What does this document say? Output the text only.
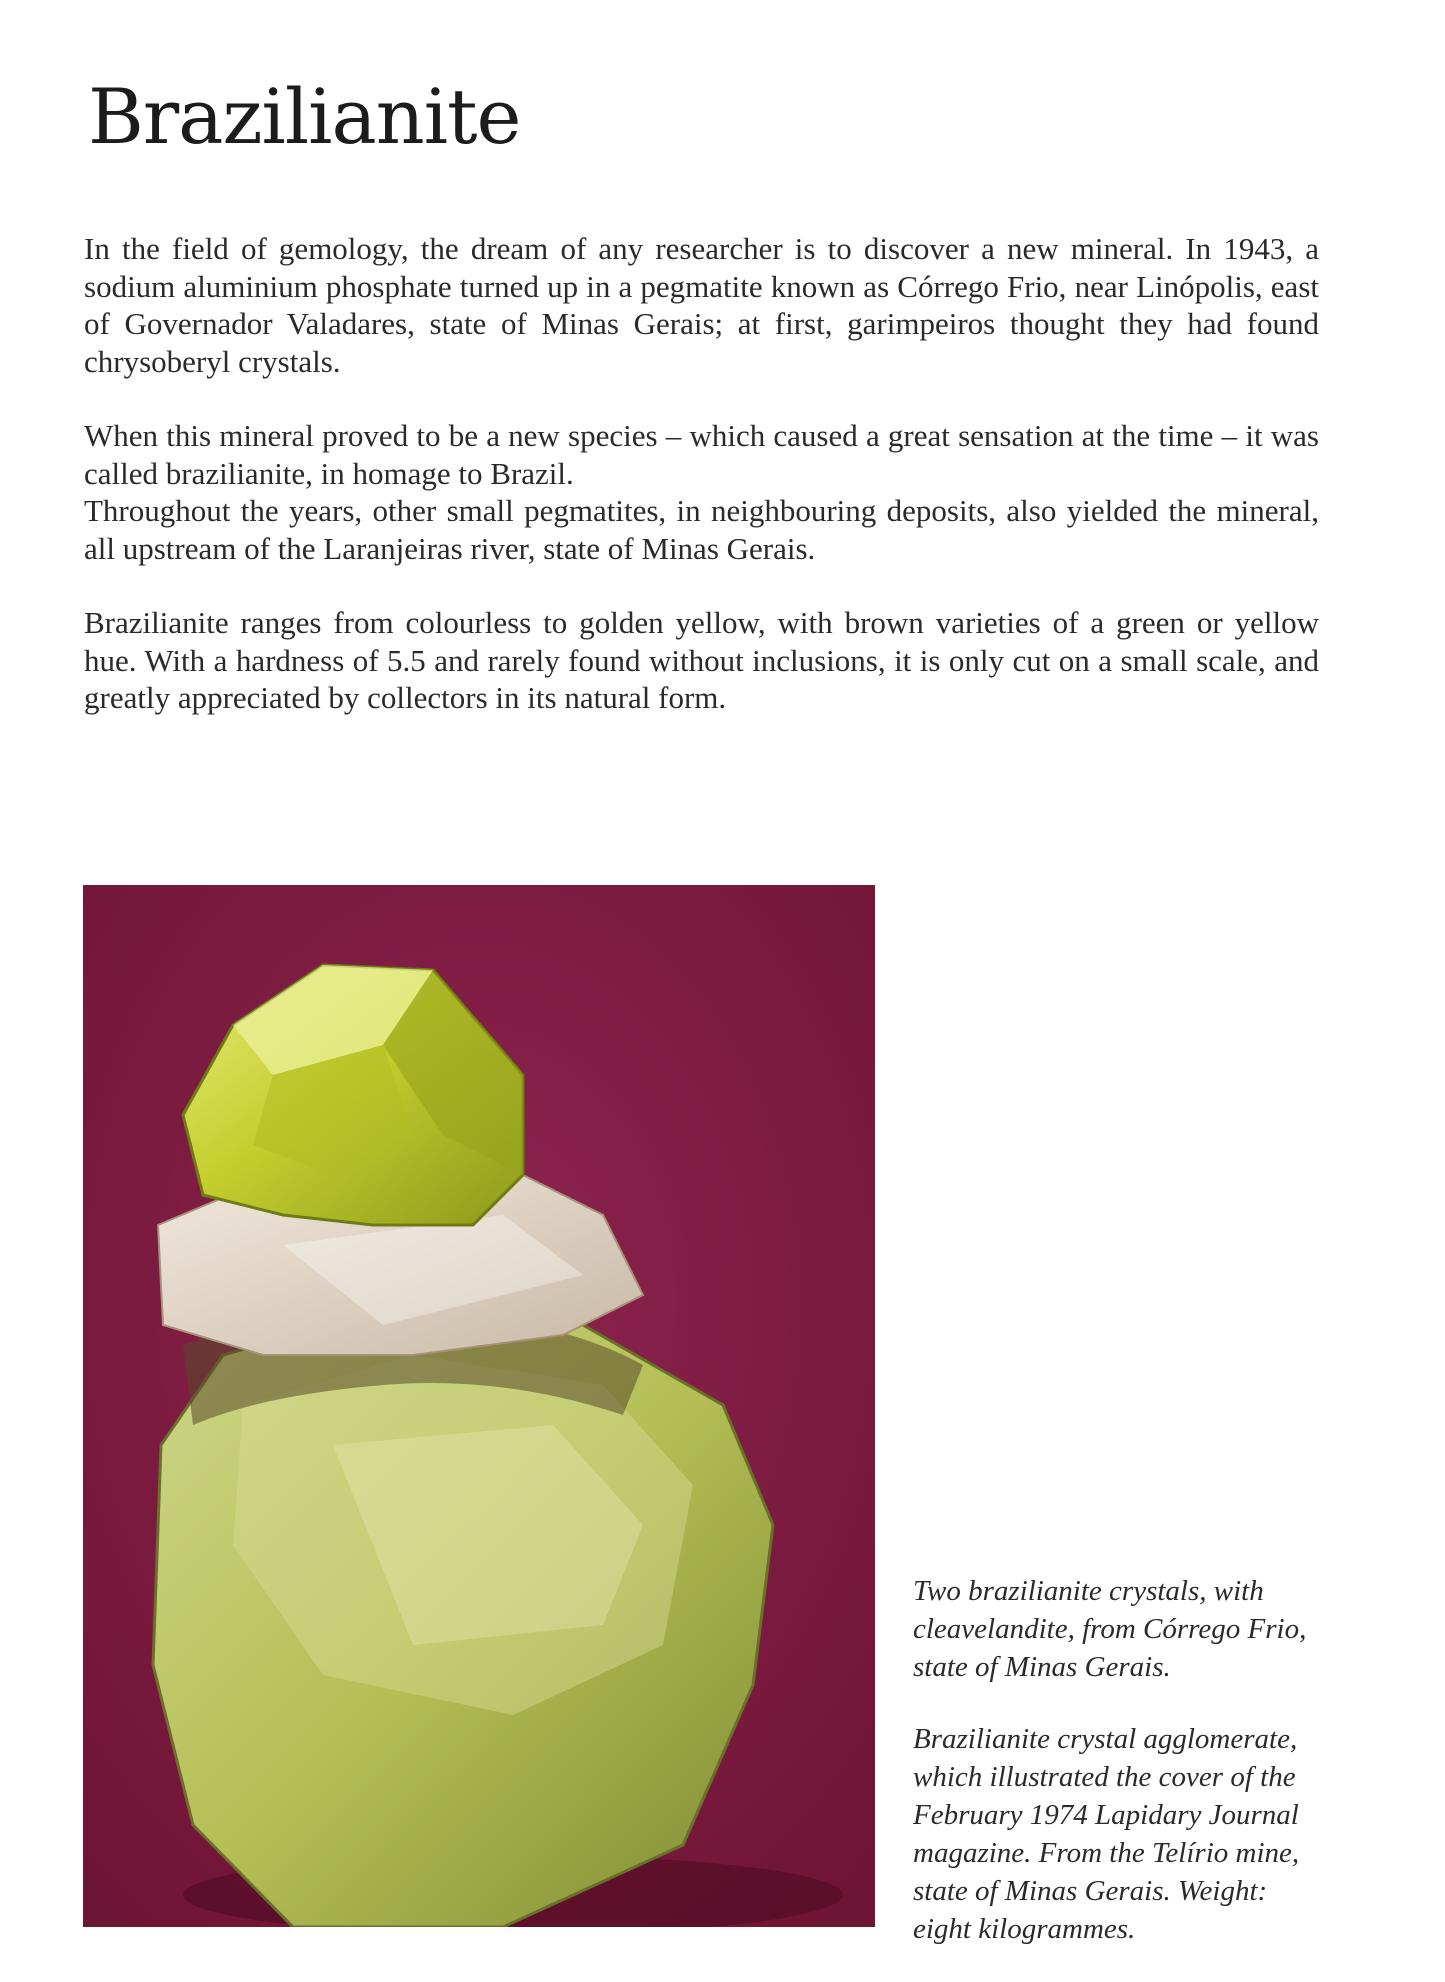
Brazilianite

In the field of gemology, the dream of any researcher is to discover a new mineral. In 1943, a sodium aluminium phosphate turned up in a pegmatite known as Córrego Frio, near Linópolis, east of Governador Valadares, state of Minas Gerais; at first, garimpeiros thought they had found chrysoberyl crystals.

When this mineral proved to be a new species – which caused a great sensation at the time – it was called brazilianite, in homage to Brazil.

Throughout the years, other small pegmatites, in neighbouring deposits, also yielded the mineral, all upstream of the Laranjeiras river, state of Minas Gerais.

Brazilianite ranges from colourless to golden yellow, with brown varieties of a green or yellow hue. With a hardness of 5.5 and rarely found without inclusions, it is only cut on a small scale, and greatly appreciated by collectors in its natural form.

Two brazilianite crystals, with cleavelandite, from Córrego Frio, state of Minas Gerais.

Brazilianite crystal agglomerate, which illustrated the cover of the February 1974 Lapidary Journal magazine. From the Telírio mine, state of Minas Gerais. Weight: eight kilogrammes.
